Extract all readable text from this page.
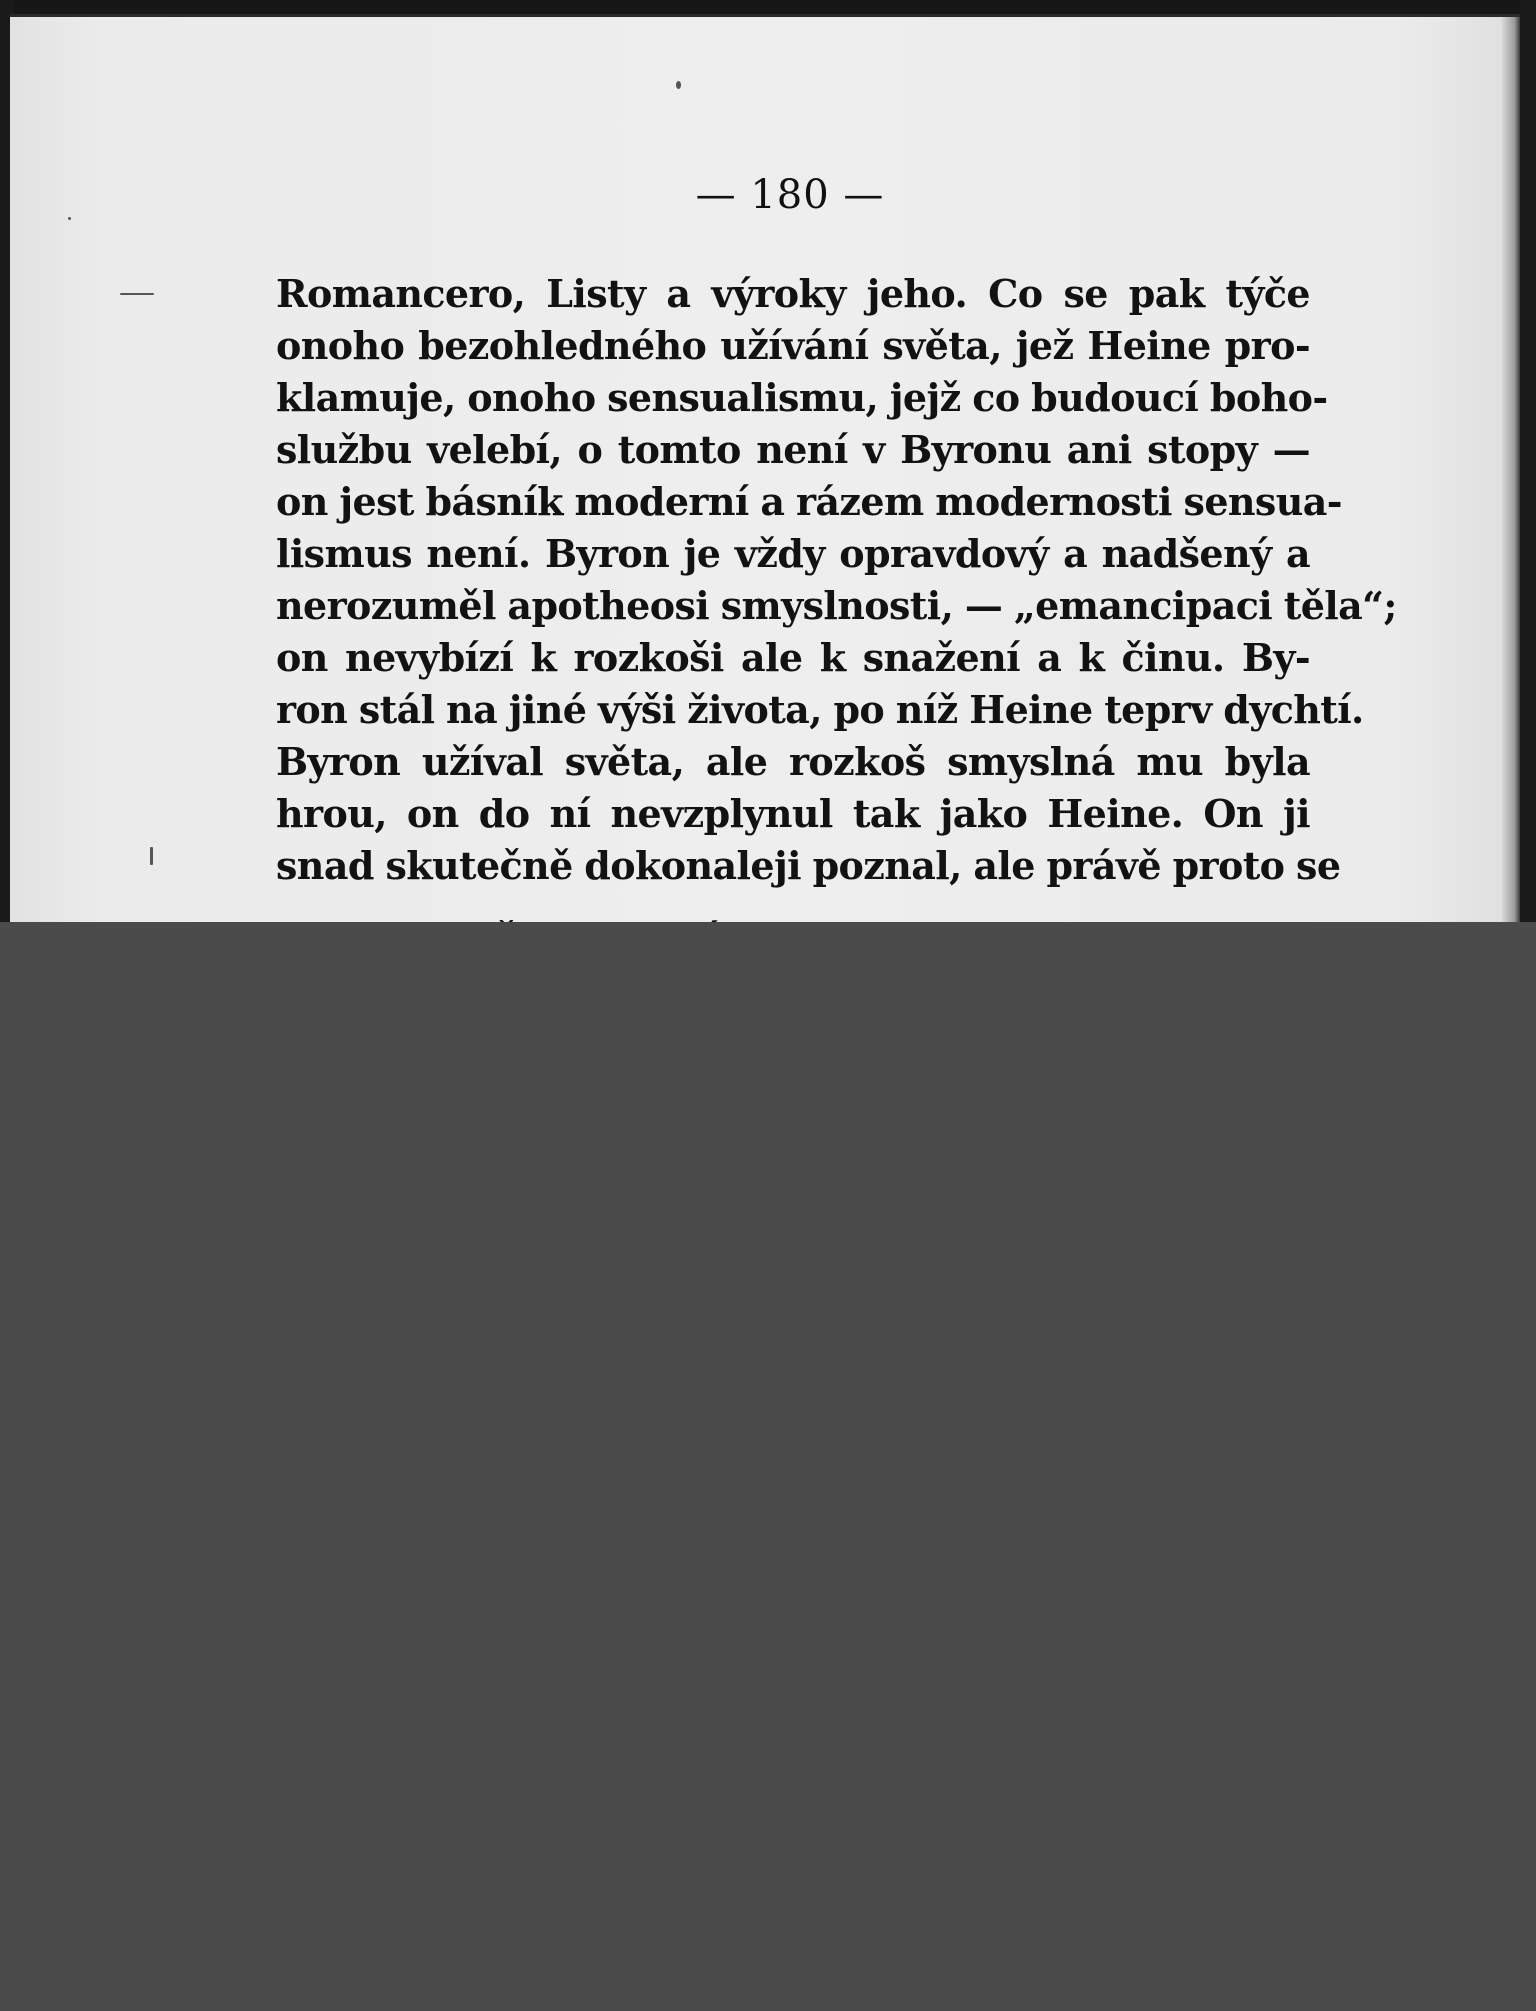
— 180 —
Romancero, Listy a výroky jeho. Co se pak týče
onoho bezohledného užívání světa, jež Heine pro-
klamuje, onoho sensualismu, jejž co budoucí boho-
službu velebí, o tomto není v Byronu ani stopy —
on jest básník moderní a rázem modernosti sensua-
lismus není. Byron je vždy opravdový a nadšený a
nerozuměl apotheosi smyslnosti, — „emancipaci těla“;
on nevybízí k rozkoši ale k snažení a k činu. By-
ron stál na jiné výši života, po níž Heine teprv dychtí.
Byron užíval světa, ale rozkoš smyslná mu byla
hrou, on do ní nevzplynul tak jako Heine. On ji
snad skutečně dokonaleji poznal, ale právě proto se
